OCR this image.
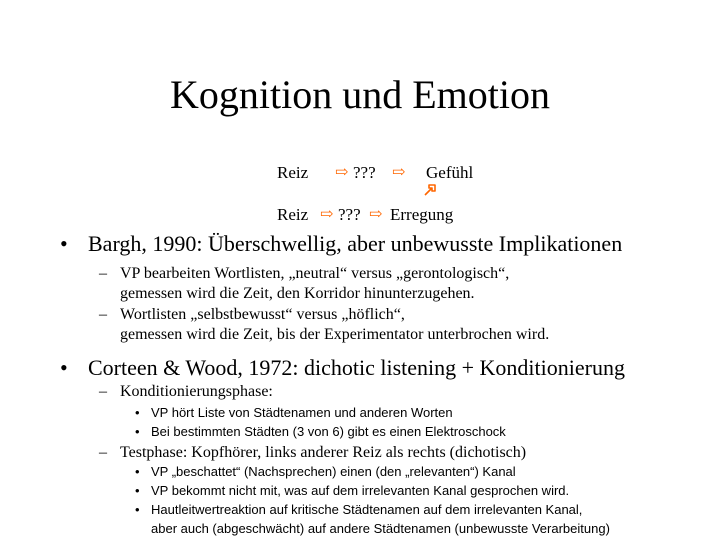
Kognition und Emotion
Reiz ⇨ ??? ⇨ Gefühl
Reiz ⇨ ??? ⇨ Erregung
• Bargh, 1990: Überschwellig, aber unbewusste Implikationen
– VP bearbeiten Wortlisten, „neutral“ versus „gerontologisch“,
gemessen wird die Zeit, den Korridor hinunterzugehen.
– Wortlisten „selbstbewusst“ versus „höflich“,
gemessen wird die Zeit, bis der Experimentator unterbrochen wird.
• Corteen & Wood, 1972: dichotic listening + Konditionierung
– Konditionierungsphase:
• VP hört Liste von Städtenamen und anderen Worten
• Bei bestimmten Städten (3 von 6) gibt es einen Elektroschock
– Testphase: Kopfhörer, links anderer Reiz als rechts (dichotisch)
• VP „beschattet“ (Nachsprechen) einen (den „relevanten“) Kanal
• VP bekommt nicht mit, was auf dem irrelevanten Kanal gesprochen wird.
• Hautleitwertreaktion auf kritische Städtenamen auf dem irrelevanten Kanal,
aber auch (abgeschwächt) auf andere Städtenamen (unbewusste Verarbeitung)
